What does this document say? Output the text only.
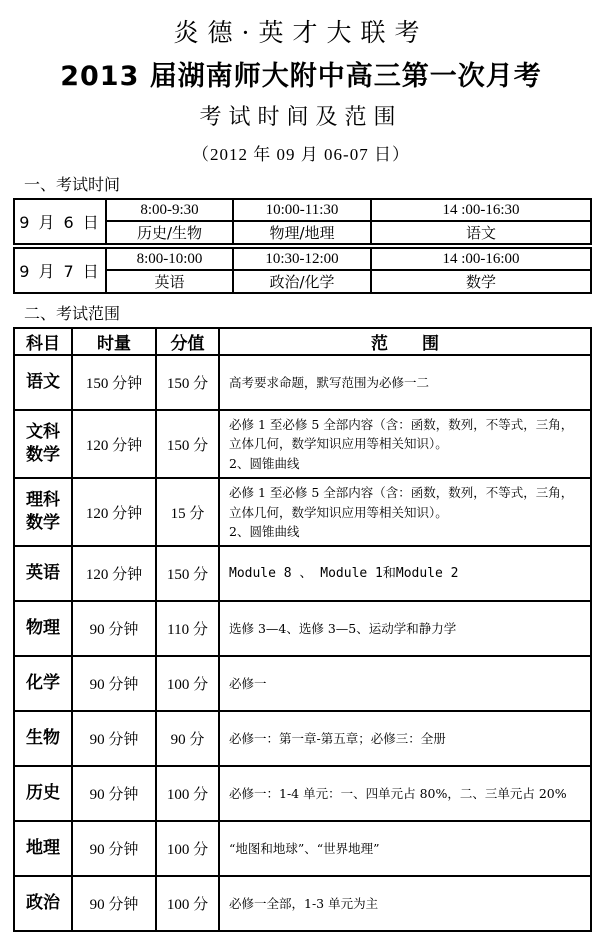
炎德·英才大联考
2013 届湖南师大附中高三第一次月考
考试时间及范围
（2012 年 09 月 06-07 日）
一、考试时间
9 月 6 日	8:00-9:30	10:00-11:30	14 :00-16:30
	历史/生物	物理/地理	语文
9 月 7 日	8:00-10:00	10:30-12:00	14 :00-16:00
	英语	政治/化学	数学
二、考试范围
科目	时量	分值	范　　围
语文	150 分钟	150 分	高考要求命题，默写范围为必修一二

文科数学	120 分钟	150 分	必修 1 至必修 5 全部内容（含：函数，数列，不等式，三角，立体几何，数学知识应用等相关知识）。
2、圆锥曲线

理科数学	120 分钟	15 分	必修 1 至必修 5 全部内容（含：函数，数列，不等式，三角，立体几何，数学知识应用等相关知识）。
2、圆锥曲线

英语	120 分钟	150 分	Module 8 、 Module 1和Module 2

物理	90 分钟	110 分	选修 3—4、选修 3—5、运动学和静力学

化学	90 分钟	100 分	必修一

生物	90 分钟	90 分	必修一：第一章-第五章；必修三：全册

历史	90 分钟	100 分	必修一：1-4 单元：一、四单元占 80%，二、三单元占 20%

地理	90 分钟	100 分	“地图和地球”、“世界地理”

政治	90 分钟	100 分	必修一全部，1-3 单元为主
